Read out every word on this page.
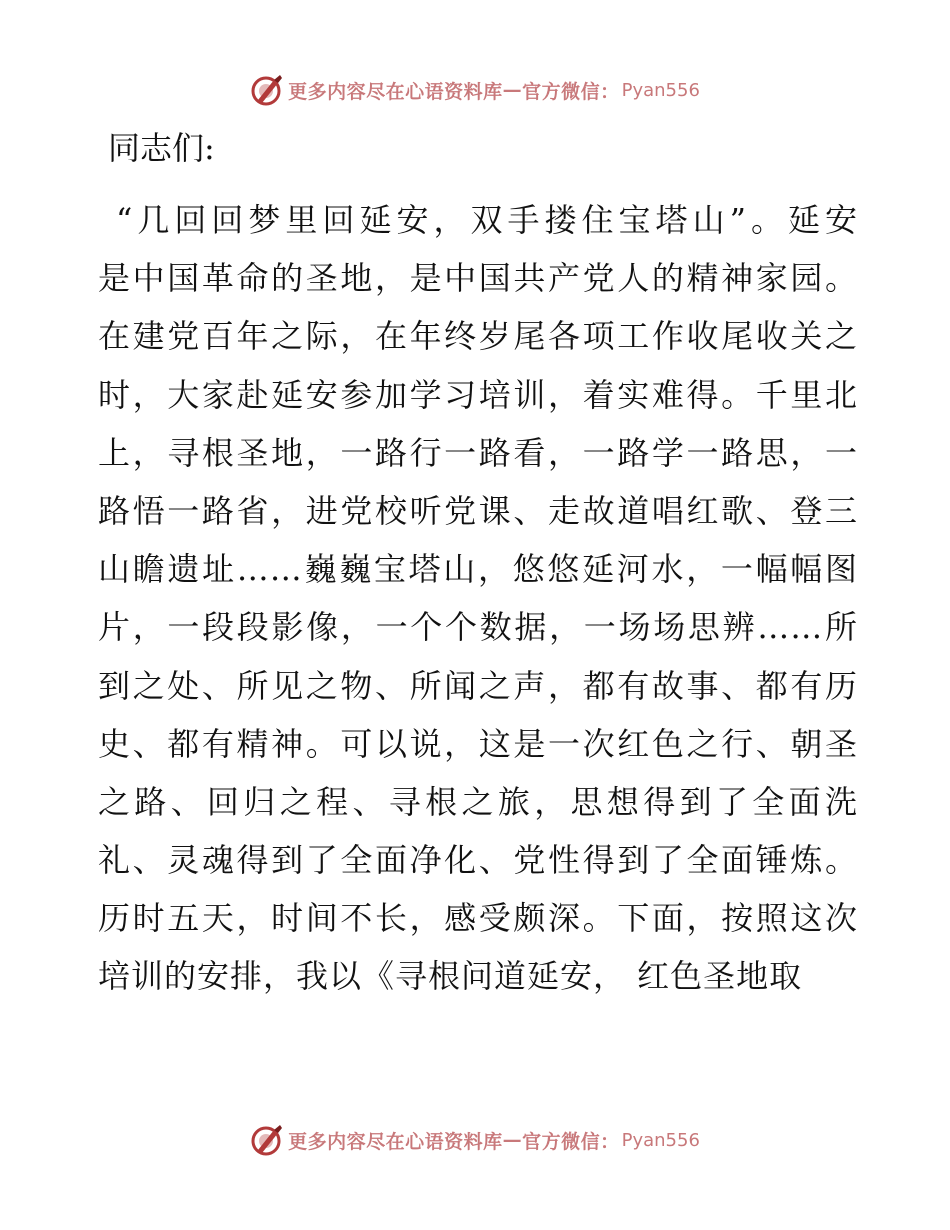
更多内容尽在心语资料库 — 官方微信： Pyan556
同志们:
“几回回梦里回延安，双手搂住宝塔山”。延安
是中国革命的圣地，是中国共产党人的精神家园。
在建党百年之际，在年终岁尾各项工作收尾收关之
时，大家赴延安参加学习培训，着实难得。千里北
上，寻根圣地，一路行一路看，一路学一路思，一
路悟一路省，进党校听党课、走故道唱红歌、登三
山瞻遗址……巍巍宝塔山，悠悠延河水，一幅幅图
片，一段段影像，一个个数据，一场场思辨……所
到之处、所见之物、所闻之声，都有故事、都有历
史、都有精神。可以说，这是一次红色之行、朝圣
之路、回归之程、寻根之旅，思想得到了全面洗
礼、灵魂得到了全面净化、党性得到了全面锤炼。
历时五天，时间不长，感受颇深。下面，按照这次
培训的安排，我以《寻根问道延安， 红色圣地取
更多内容尽在心语资料库 — 官方微信： Pyan556
